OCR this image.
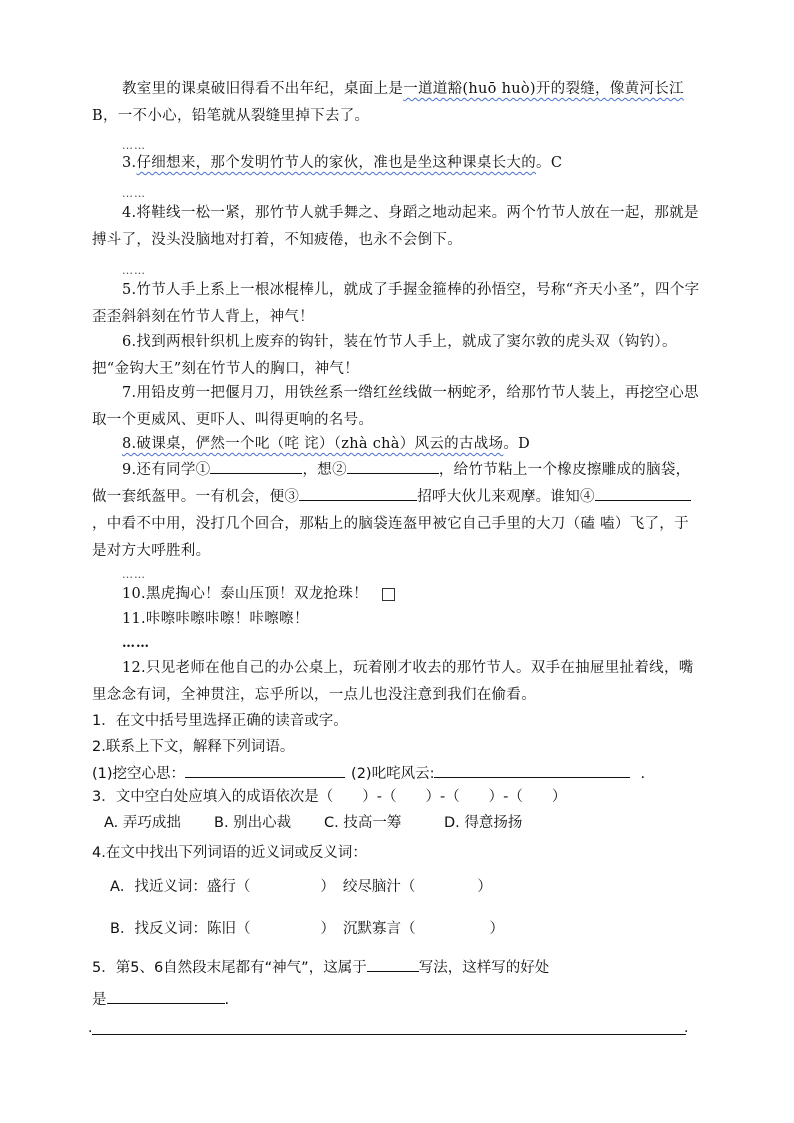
教室里的课桌破旧得看不出年纪，桌面上是一道道豁(huō huò)开的裂缝，像黄河长江B，一不小心，铅笔就从裂缝里掉下去了。

……

3.仔细想来，那个发明竹节人的家伙，准也是坐这种课桌长大的。C

……

4.将鞋线一松一紧，那竹节人就手舞之、身蹈之地动起来。两个竹节人放在一起，那就是搏斗了，没头没脑地对打着，不知疲倦，也永不会倒下。

……

5.竹节人手上系上一根冰棍棒儿，就成了手握金箍棒的孙悟空，号称“齐天小圣”，四个字歪歪斜斜刻在竹节人背上，神气！

6.找到两根针织机上废弃的钩针，装在竹节人手上，就成了窦尔敦的虎头双（钩钓）。把“金钩大王”刻在竹节人的胸口，神气！

7.用铅皮剪一把偃月刀，用铁丝系一绺红丝线做一柄蛇矛，给那竹节人装上，再挖空心思取一个更威风、更吓人、叫得更响的名号。

8.破课桌，俨然一个叱（咤 诧）（zhà chà）风云的古战场。D

9.还有同学①	，想②	，给竹节粘上一个橡皮擦雕成的脑袋，做一套纸盔甲。一有机会，便③	招呼大伙儿来观摩。谁知④，中看不中用，没打几个回合，那粘上的脑袋连盔甲被它自己手里的大刀（磕 嗑）飞了，于是对方大呼胜利。

……

10.黑虎掏心！泰山压顶！双龙抢珠！

11.咔嚓咔嚓咔嚓！咔嚓嚓！

……

12.只见老师在他自己的办公桌上，玩着刚才收去的那竹节人。双手在抽屉里扯着线，嘴里念念有词，全神贯注，忘乎所以，一点儿也没注意到我们在偷看。

1．在文中括号里选择正确的读音或字。

2.联系上下文，解释下列词语。

(1)挖空心思：	(2)叱咤风云:	.

3．文中空白处应填入的成语依次是（　　）-（　　）-（　　）-（　　）

A. 弄巧成拙 B. 别出心裁 C. 技高一筹	D. 得意扬扬

4.在文中找出下列词语的近义词或反义词：

A．找近义词：盛行（	） 绞尽脑汁（	）

B．找反义词：陈旧（	） 沉默寡言（	）

5．第5、6自然段末尾都有“神气”，这属于	写法，这样写的好处

是	.

.	.
